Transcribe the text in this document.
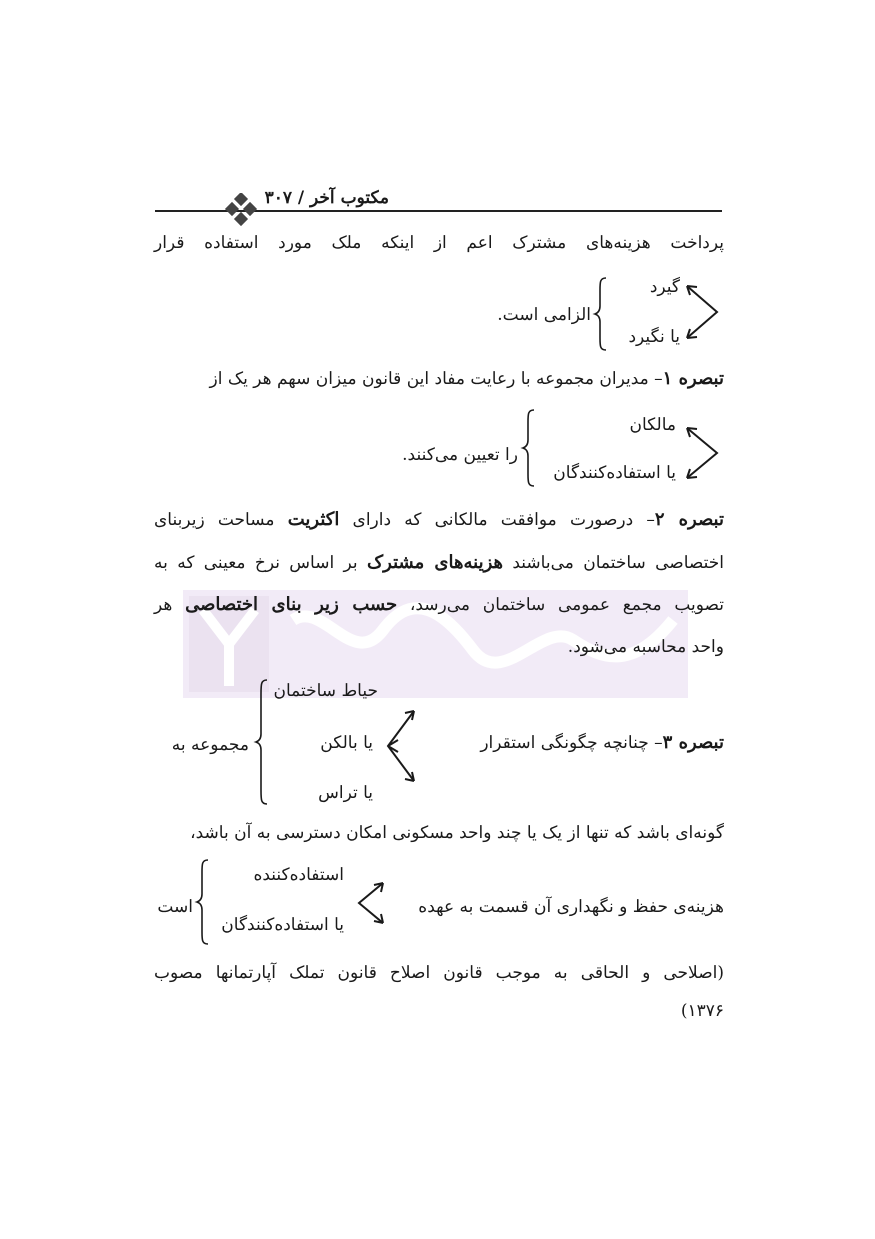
مکتوب آخر / ۳۰۷
پرداخت هزینه‌های مشترک اعم از اینکه ملک مورد استفاده قرار
گیرد
یا نگیرد
الزامی است.
تبصره ۱– مدیران مجموعه با رعایت مفاد این قانون میزان سهم هر یک از
مالکان
یا استفاده‌کنندگان
را تعیین می‌کنند.
تبصره ۲– درصورت موافقت مالکانی که دارای اکثریت مساحت زیربنای
اختصاصی ساختمان می‌باشند هزینه‌های مشترک بر اساس نرخ معینی که به
تصویب مجمع عمومی ساختمان می‌رسد، حسب زیر بنای اختصاصی هر
واحد محاسبه می‌شود.
حیاط ساختمان
تبصره ۳– چنانچه چگونگی استقرار
یا بالکن
یا تراس
مجموعه به
گونه‌ای باشد که تنها از یک یا چند واحد مسکونی امکان دسترسی به آن باشد،
استفاده‌کننده
یا استفاده‌کنندگان
هزینه‌ی حفظ و نگهداری آن قسمت به عهده
است
(اصلاحی و الحاقی به موجب قانون اصلاح قانون تملک آپارتمانها مصوب
۱۳۷۶)
